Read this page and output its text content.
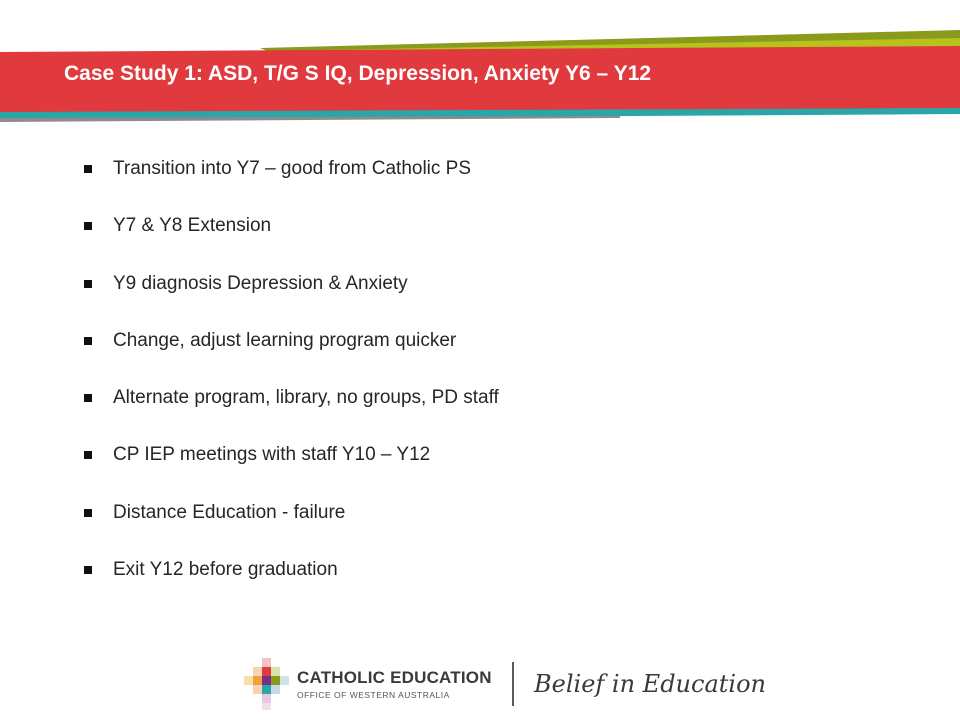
Case Study 1: ASD, T/G S IQ, Depression, Anxiety Y6 – Y12
Transition into Y7 – good from Catholic PS
Y7 & Y8 Extension
Y9 diagnosis Depression & Anxiety
Change, adjust learning program quicker
Alternate program, library, no groups, PD staff
CP IEP meetings with staff Y10 – Y12
Distance Education - failure
Exit Y12 before graduation
CATHOLIC EDUCATION
OFFICE OF WESTERN AUSTRALIA	Belief in Education
